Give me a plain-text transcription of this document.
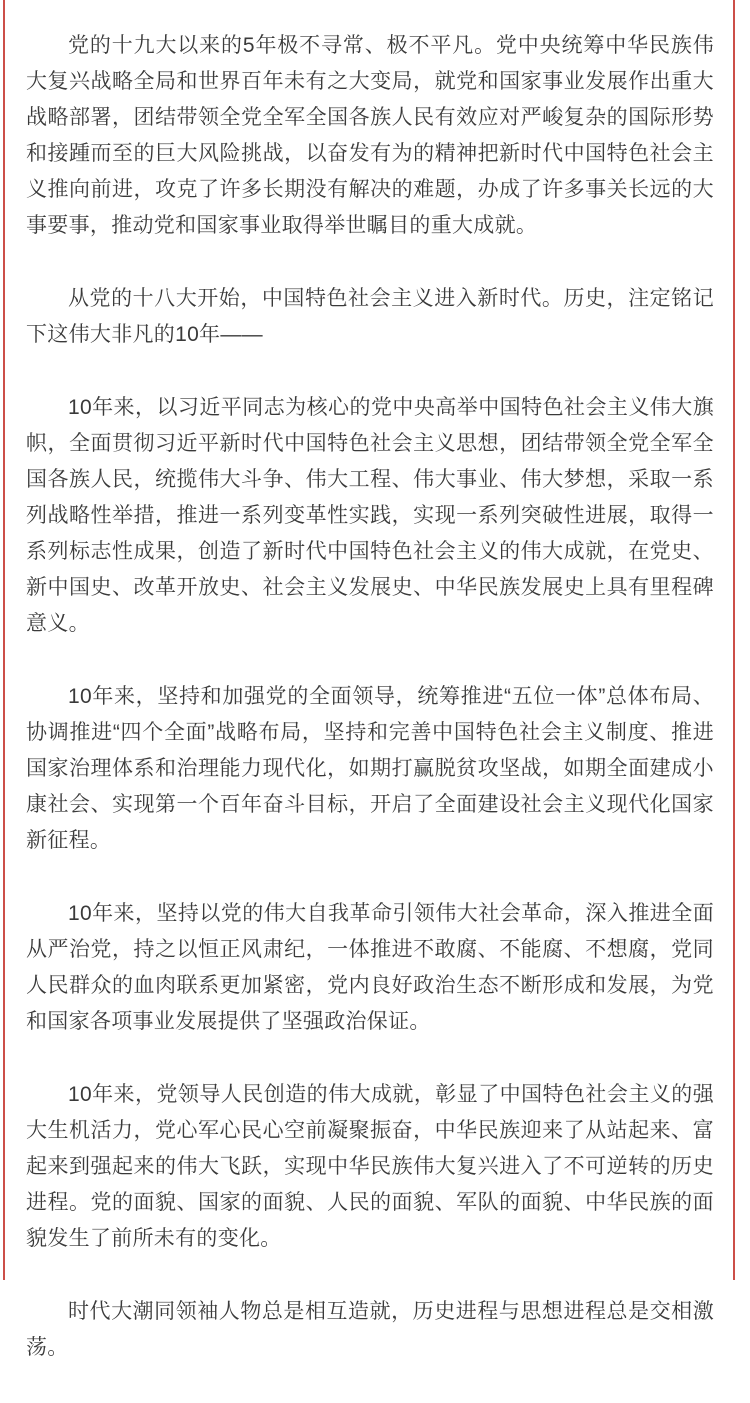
党的十九大以来的5年极不寻常、极不平凡。党中央统筹中华民族伟大复兴战略全局和世界百年未有之大变局，就党和国家事业发展作出重大战略部署，团结带领全党全军全国各族人民有效应对严峻复杂的国际形势和接踵而至的巨大风险挑战，以奋发有为的精神把新时代中国特色社会主义推向前进，攻克了许多长期没有解决的难题，办成了许多事关长远的大事要事，推动党和国家事业取得举世瞩目的重大成就。

从党的十八大开始，中国特色社会主义进入新时代。历史，注定铭记下这伟大非凡的10年——

10年来，以习近平同志为核心的党中央高举中国特色社会主义伟大旗帜，全面贯彻习近平新时代中国特色社会主义思想，团结带领全党全军全国各族人民，统揽伟大斗争、伟大工程、伟大事业、伟大梦想，采取一系列战略性举措，推进一系列变革性实践，实现一系列突破性进展，取得一系列标志性成果，创造了新时代中国特色社会主义的伟大成就，在党史、新中国史、改革开放史、社会主义发展史、中华民族发展史上具有里程碑意义。

10年来，坚持和加强党的全面领导，统筹推进“五位一体”总体布局、协调推进“四个全面”战略布局，坚持和完善中国特色社会主义制度、推进国家治理体系和治理能力现代化，如期打赢脱贫攻坚战，如期全面建成小康社会、实现第一个百年奋斗目标，开启了全面建设社会主义现代化国家新征程。

10年来，坚持以党的伟大自我革命引领伟大社会革命，深入推进全面从严治党，持之以恒正风肃纪，一体推进不敢腐、不能腐、不想腐，党同人民群众的血肉联系更加紧密，党内良好政治生态不断形成和发展，为党和国家各项事业发展提供了坚强政治保证。

10年来，党领导人民创造的伟大成就，彰显了中国特色社会主义的强大生机活力，党心军心民心空前凝聚振奋，中华民族迎来了从站起来、富起来到强起来的伟大飞跃，实现中华民族伟大复兴进入了不可逆转的历史进程。党的面貌、国家的面貌、人民的面貌、军队的面貌、中华民族的面貌发生了前所未有的变化。

时代大潮同领袖人物总是相互造就，历史进程与思想进程总是交相激荡。
